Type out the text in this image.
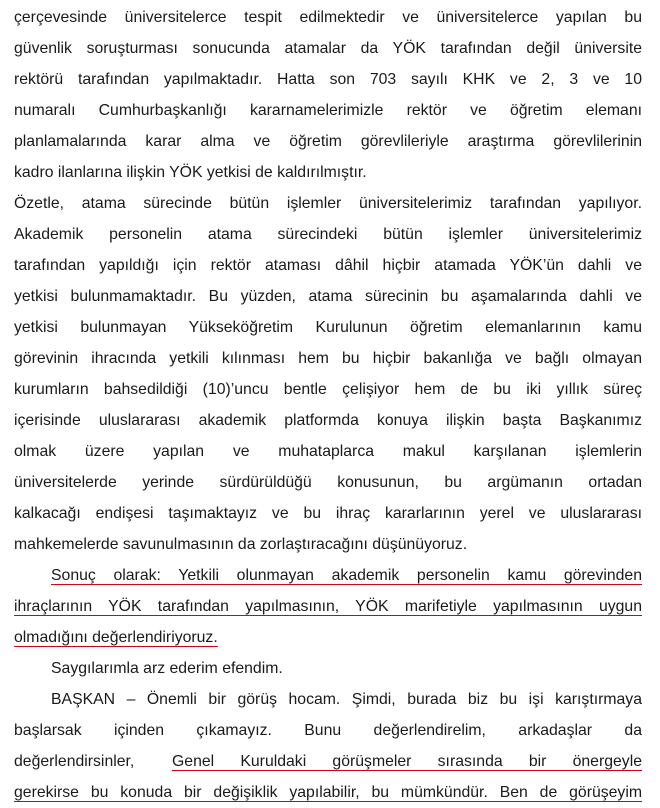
çerçevesinde üniversitelerce tespit edilmektedir ve üniversitelerce yapılan bu
güvenlik soruşturması sonucunda atamalar da YÖK tarafından değil üniversite
rektörü tarafından yapılmaktadır. Hatta son 703 sayılı KHK ve 2, 3 ve 10
numaralı Cumhurbaşkanlığı kararnamelerimizle rektör ve öğretim elemanı
planlamalarında karar alma ve öğretim görevlileriyle araştırma görevlilerinin
kadro ilanlarına ilişkin YÖK yetkisi de kaldırılmıştır.
Özetle, atama sürecinde bütün işlemler üniversitelerimiz tarafından yapılıyor.
Akademik personelin atama sürecindeki bütün işlemler üniversitelerimiz
tarafından yapıldığı için rektör ataması dâhil hiçbir atamada YÖK’ün dahli ve
yetkisi bulunmamaktadır. Bu yüzden, atama sürecinin bu aşamalarında dahli ve
yetkisi bulunmayan Yükseköğretim Kurulunun öğretim elemanlarının kamu
görevinin ihracında yetkili kılınması hem bu hiçbir bakanlığa ve bağlı olmayan
kurumların bahsedildiği (10)’uncu bentle çelişiyor hem de bu iki yıllık süreç
içerisinde uluslararası akademik platformda konuya ilişkin başta Başkanımız
olmak üzere yapılan ve muhataplarca makul karşılanan işlemlerin
üniversitelerde yerinde sürdürüldüğü konusunun, bu argümanın ortadan
kalkacağı endişesi taşımaktayız ve bu ihraç kararlarının yerel ve uluslararası
mahkemelerde savunulmasının da zorlaştıracağını düşünüyoruz.
Sonuç olarak: Yetkili olunmayan akademik personelin kamu görevinden
ihraçlarının YÖK tarafından yapılmasının, YÖK marifetiyle yapılmasının uygun
olmadığını değerlendiriyoruz.
Saygılarımla arz ederim efendim.
BAŞKAN – Önemli bir görüş hocam. Şimdi, burada biz bu işi karıştırmaya
başlarsak içinden çıkamayız. Bunu değerlendirelim, arkadaşlar da
değerlendirsinler, Genel Kuruldaki görüşmeler sırasında bir önergeyle
gerekirse bu konuda bir değişiklik yapılabilir, bu mümkündür. Ben de görüşeyim
